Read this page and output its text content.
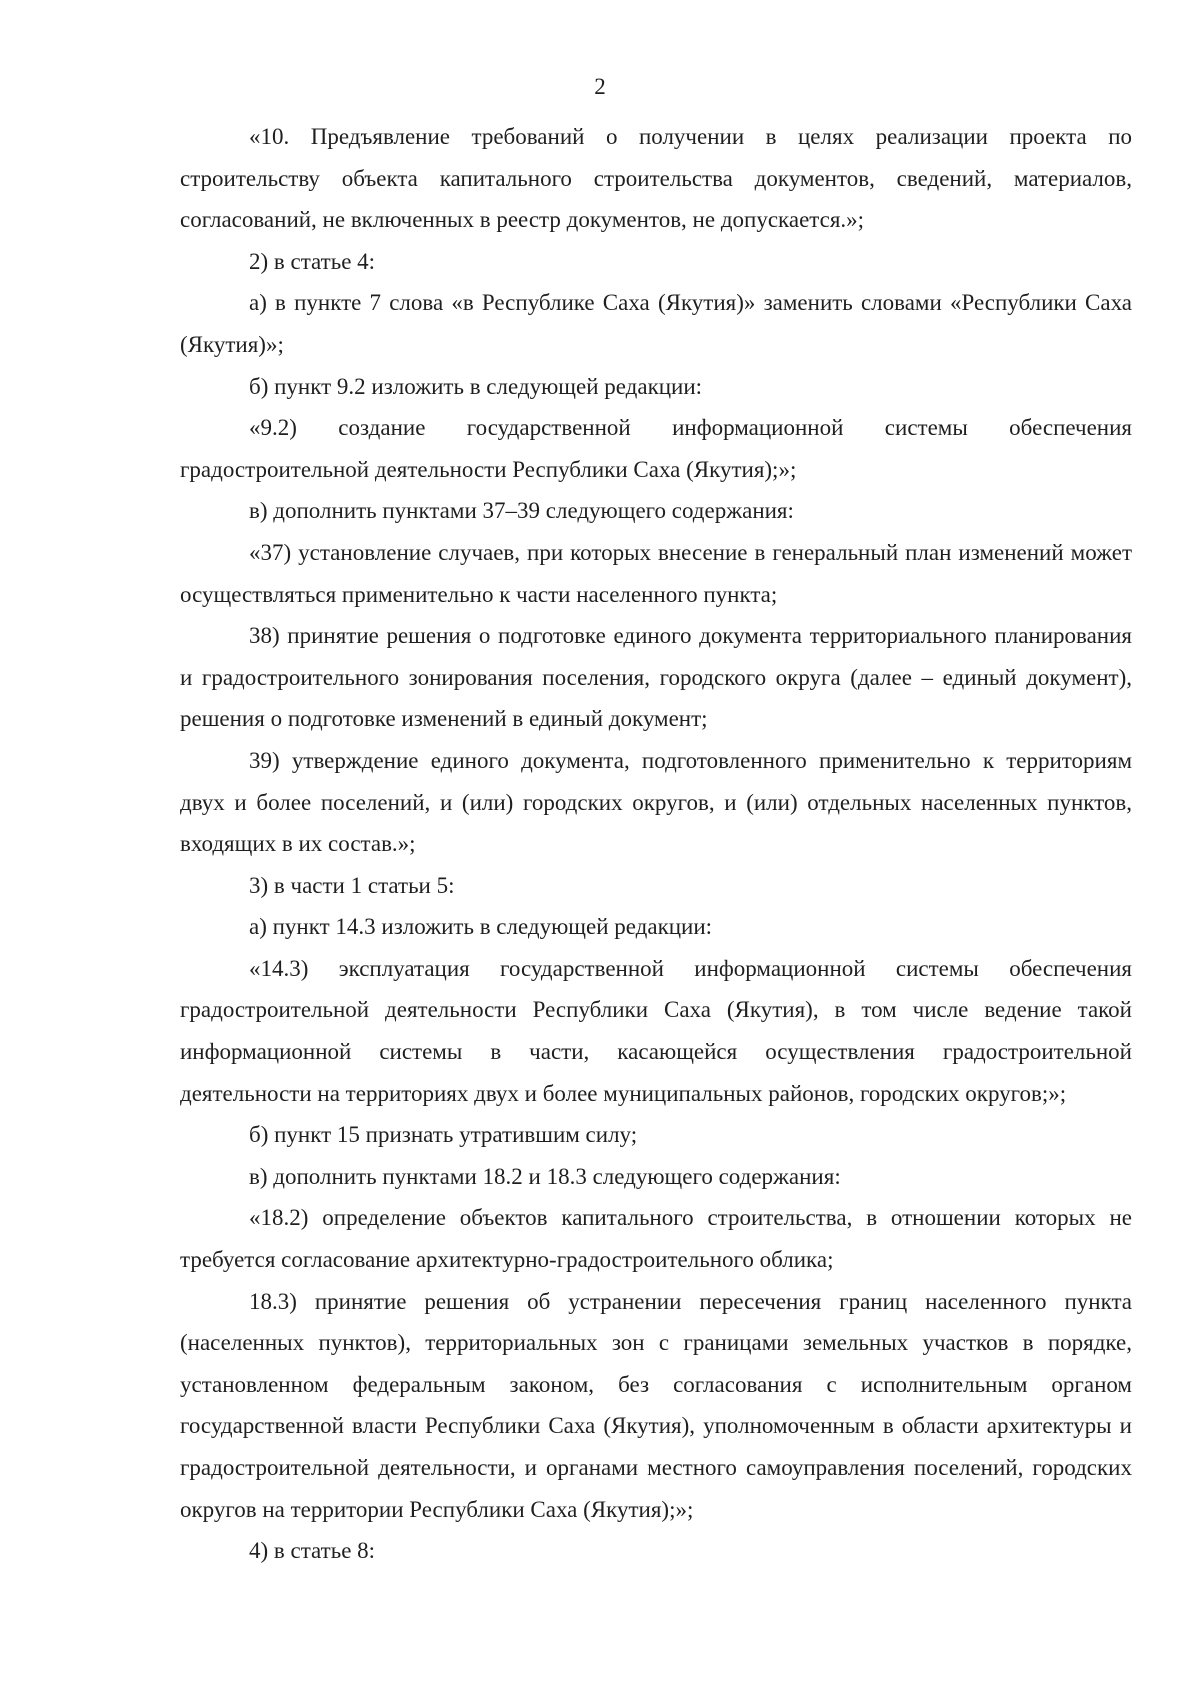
2

«10. Предъявление требований о получении в целях реализации проекта по строительству объекта капитального строительства документов, сведений, материалов, согласований, не включенных в реестр документов, не допускается.»;

2) в статье 4:

а) в пункте 7 слова «в Республике Саха (Якутия)» заменить словами «Республики Саха (Якутия)»;

б) пункт 9.2 изложить в следующей редакции:

«9.2) создание государственной информационной системы обеспечения градостроительной деятельности Республики Саха (Якутия);»;

в) дополнить пунктами 37–39 следующего содержания:

«37) установление случаев, при которых внесение в генеральный план изменений может осуществляться применительно к части населенного пункта;

38) принятие решения о подготовке единого документа территориального планирования и градостроительного зонирования поселения, городского округа (далее – единый документ), решения о подготовке изменений в единый документ;

39) утверждение единого документа, подготовленного применительно к территориям двух и более поселений, и (или) городских округов, и (или) отдельных населенных пунктов, входящих в их состав.»;

3) в части 1 статьи 5:

а) пункт 14.3 изложить в следующей редакции:

«14.3) эксплуатация государственной информационной системы обеспечения градостроительной деятельности Республики Саха (Якутия), в том числе ведение такой информационной системы в части, касающейся осуществления градостроительной деятельности на территориях двух и более муниципальных районов, городских округов;»;

б) пункт 15 признать утратившим силу;

в) дополнить пунктами 18.2 и 18.3 следующего содержания:

«18.2) определение объектов капитального строительства, в отношении которых не требуется согласование архитектурно-градостроительного облика;

18.3) принятие решения об устранении пересечения границ населенного пункта (населенных пунктов), территориальных зон с границами земельных участков в порядке, установленном федеральным законом, без согласования с исполнительным органом государственной власти Республики Саха (Якутия), уполномоченным в области архитектуры и градостроительной деятельности, и органами местного самоуправления поселений, городских округов на территории Республики Саха (Якутия);»;

4) в статье 8:
